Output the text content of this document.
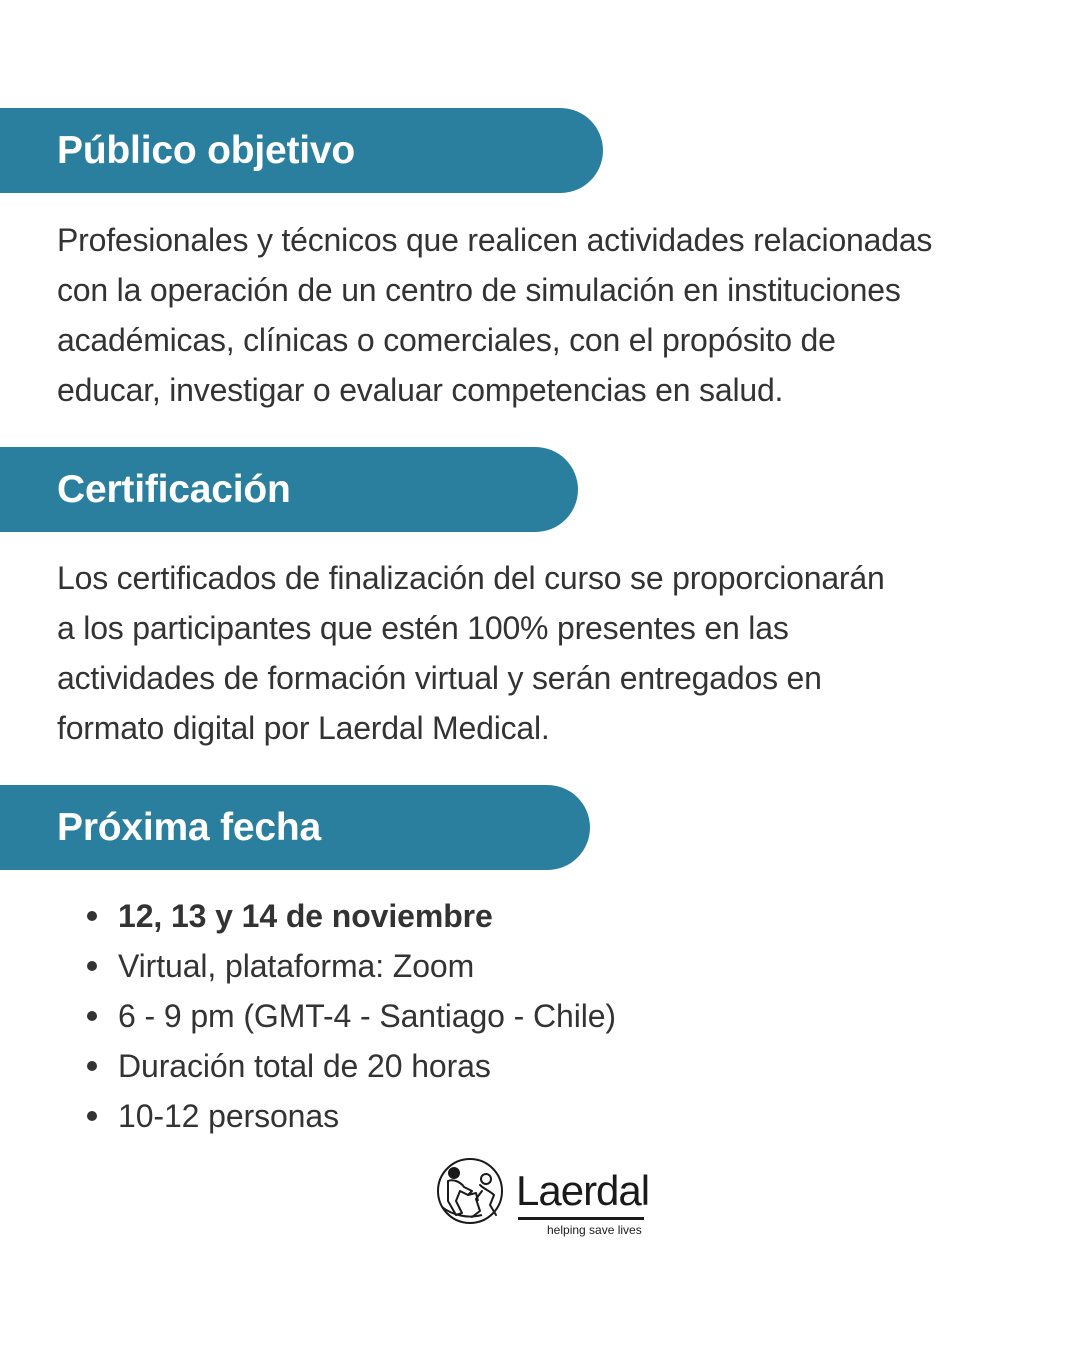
Público objetivo
Profesionales y técnicos que realicen actividades relacionadas
con la operación de un centro de simulación en instituciones
académicas, clínicas o comerciales, con el propósito de
educar, investigar o evaluar competencias en salud.
Certificación
Los certificados de finalización del curso se proporcionarán
a los participantes que estén 100% presentes en las
actividades de formación virtual y serán entregados en
formato digital por Laerdal Medical.
Próxima fecha
12, 13 y 14 de noviembre
Virtual, plataforma: Zoom
6 - 9 pm (GMT-4 - Santiago - Chile)
Duración total de 20 horas
10-12 personas
Laerdal
helping save lives
